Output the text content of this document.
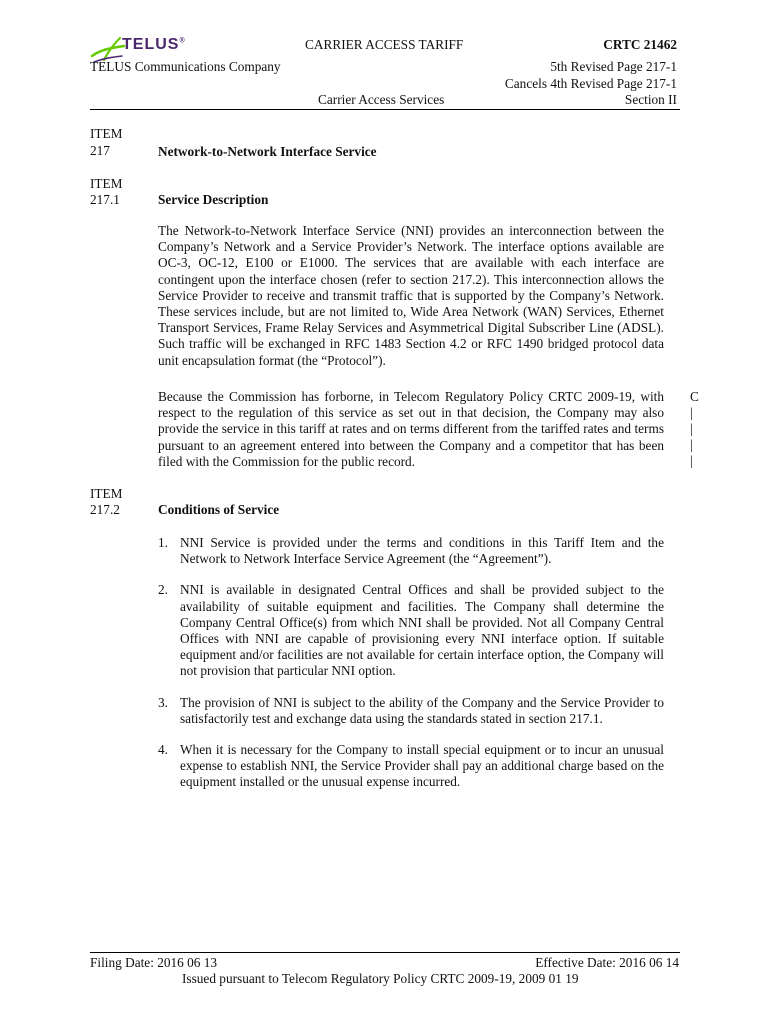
TELUS®	CARRIER ACCESS TARIFF	CRTC 21462
TELUS Communications Company	5th Revised Page 217-1
Cancels 4th Revised Page 217-1
Carrier Access Services	Section II
ITEM
217	Network-to-Network Interface Service
ITEM
217.1	Service Description
The Network-to-Network Interface Service (NNI) provides an interconnection between the Company’s Network and a Service Provider’s Network. The interface options available are OC-3, OC-12, E100 or E1000. The services that are available with each interface are contingent upon the interface chosen (refer to section 217.2). This interconnection allows the Service Provider to receive and transmit traffic that is supported by the Company’s Network. These services include, but are not limited to, Wide Area Network (WAN) Services, Ethernet Transport Services, Frame Relay Services and Asymmetrical Digital Subscriber Line (ADSL). Such traffic will be exchanged in RFC 1483 Section 4.2 or RFC 1490 bridged protocol data unit encapsulation format (the “Protocol”).
Because the Commission has forborne, in Telecom Regulatory Policy CRTC 2009-19, with respect to the regulation of this service as set out in that decision, the Company may also provide the service in this tariff at rates and on terms different from the tariffed rates and terms pursuant to an agreement entered into between the Company and a competitor that has been filed with the Commission for the public record.
C
|
|
|
|
ITEM
217.2	Conditions of Service
1. NNI Service is provided under the terms and conditions in this Tariff Item and the Network to Network Interface Service Agreement (the “Agreement”).
2. NNI is available in designated Central Offices and shall be provided subject to the availability of suitable equipment and facilities. The Company shall determine the Company Central Office(s) from which NNI shall be provided. Not all Company Central Offices with NNI are capable of provisioning every NNI interface option. If suitable equipment and/or facilities are not available for certain interface option, the Company will not provision that particular NNI option.
3. The provision of NNI is subject to the ability of the Company and the Service Provider to satisfactorily test and exchange data using the standards stated in section 217.1.
4. When it is necessary for the Company to install special equipment or to incur an unusual expense to establish NNI, the Service Provider shall pay an additional charge based on the equipment installed or the unusual expense incurred.
Filing Date: 2016 06 13	Effective Date: 2016 06 14
Issued pursuant to Telecom Regulatory Policy CRTC 2009-19, 2009 01 19
